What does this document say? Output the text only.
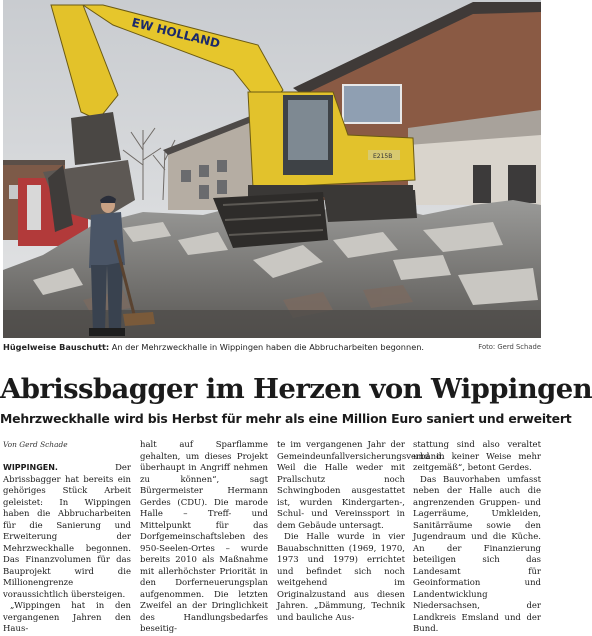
EW HOLLAND
E215B
Hügelweise Bauschutt: An der Mehrzweckhalle in Wippingen haben die Abbrucharbeiten begonnen.	Foto: Gerd Schade
Abrissbagger im Herzen von Wippingen
Mehrzweckhalle wird bis Herbst für mehr als eine Million Euro saniert und erweitert
Von Gerd Schade

WIPPINGEN. Der Abrissbagger hat bereits ein gehöriges Stück Arbeit geleistet: In Wippingen haben die Abbrucharbeiten für die Sanierung und Erweiterung der Mehrzweckhalle begonnen. Das Finanzvolumen für das Bauprojekt wird die Millionengrenze voraussichtlich übersteigen.

„Wippingen hat in den vergangenen Jahren den Haus-

halt auf Sparflamme gehalten, um dieses Projekt überhaupt in Angriff nehmen zu können“, sagt Bürgermeister Hermann Gerdes (CDU). Die marode Halle – Treff- und Mittelpunkt für das Dorfgemeinschaftsleben des 950-Seelen-Ortes – wurde bereits 2010 als Maßnahme mit allerhöchster Priorität in den Dorferneuerungsplan aufgenommen. Die letzten Zweifel an der Dringlichkeit des Handlungsbedarfes beseitig-

te im vergangenen Jahr der Gemeindeunfallversicherungsverband. Weil die Halle weder mit Prallschutz noch Schwingboden ausgestattet ist, wurden Kindergarten-, Schul- und Vereinssport in dem Gebäude untersagt.

Die Halle wurde in vier Bauabschnitten (1969, 1970, 1973 und 1979) errichtet und befindet sich noch weitgehend im Originalzustand aus diesen Jahren. „Dämmung, Technik und bauliche Aus-

stattung sind also veraltet und in keiner Weise mehr zeitgemäß“, betont Gerdes.

Das Bauvorhaben umfasst neben der Halle auch die angrenzenden Gruppen- und Lagerräume, Umkleiden, Sanitärräume sowie den Jugendraum und die Küche. An der Finanzierung beteiligen sich das Landesamt für Geoinformation und Landentwicklung Niedersachsen, der Landkreis Emsland und der Bund.
